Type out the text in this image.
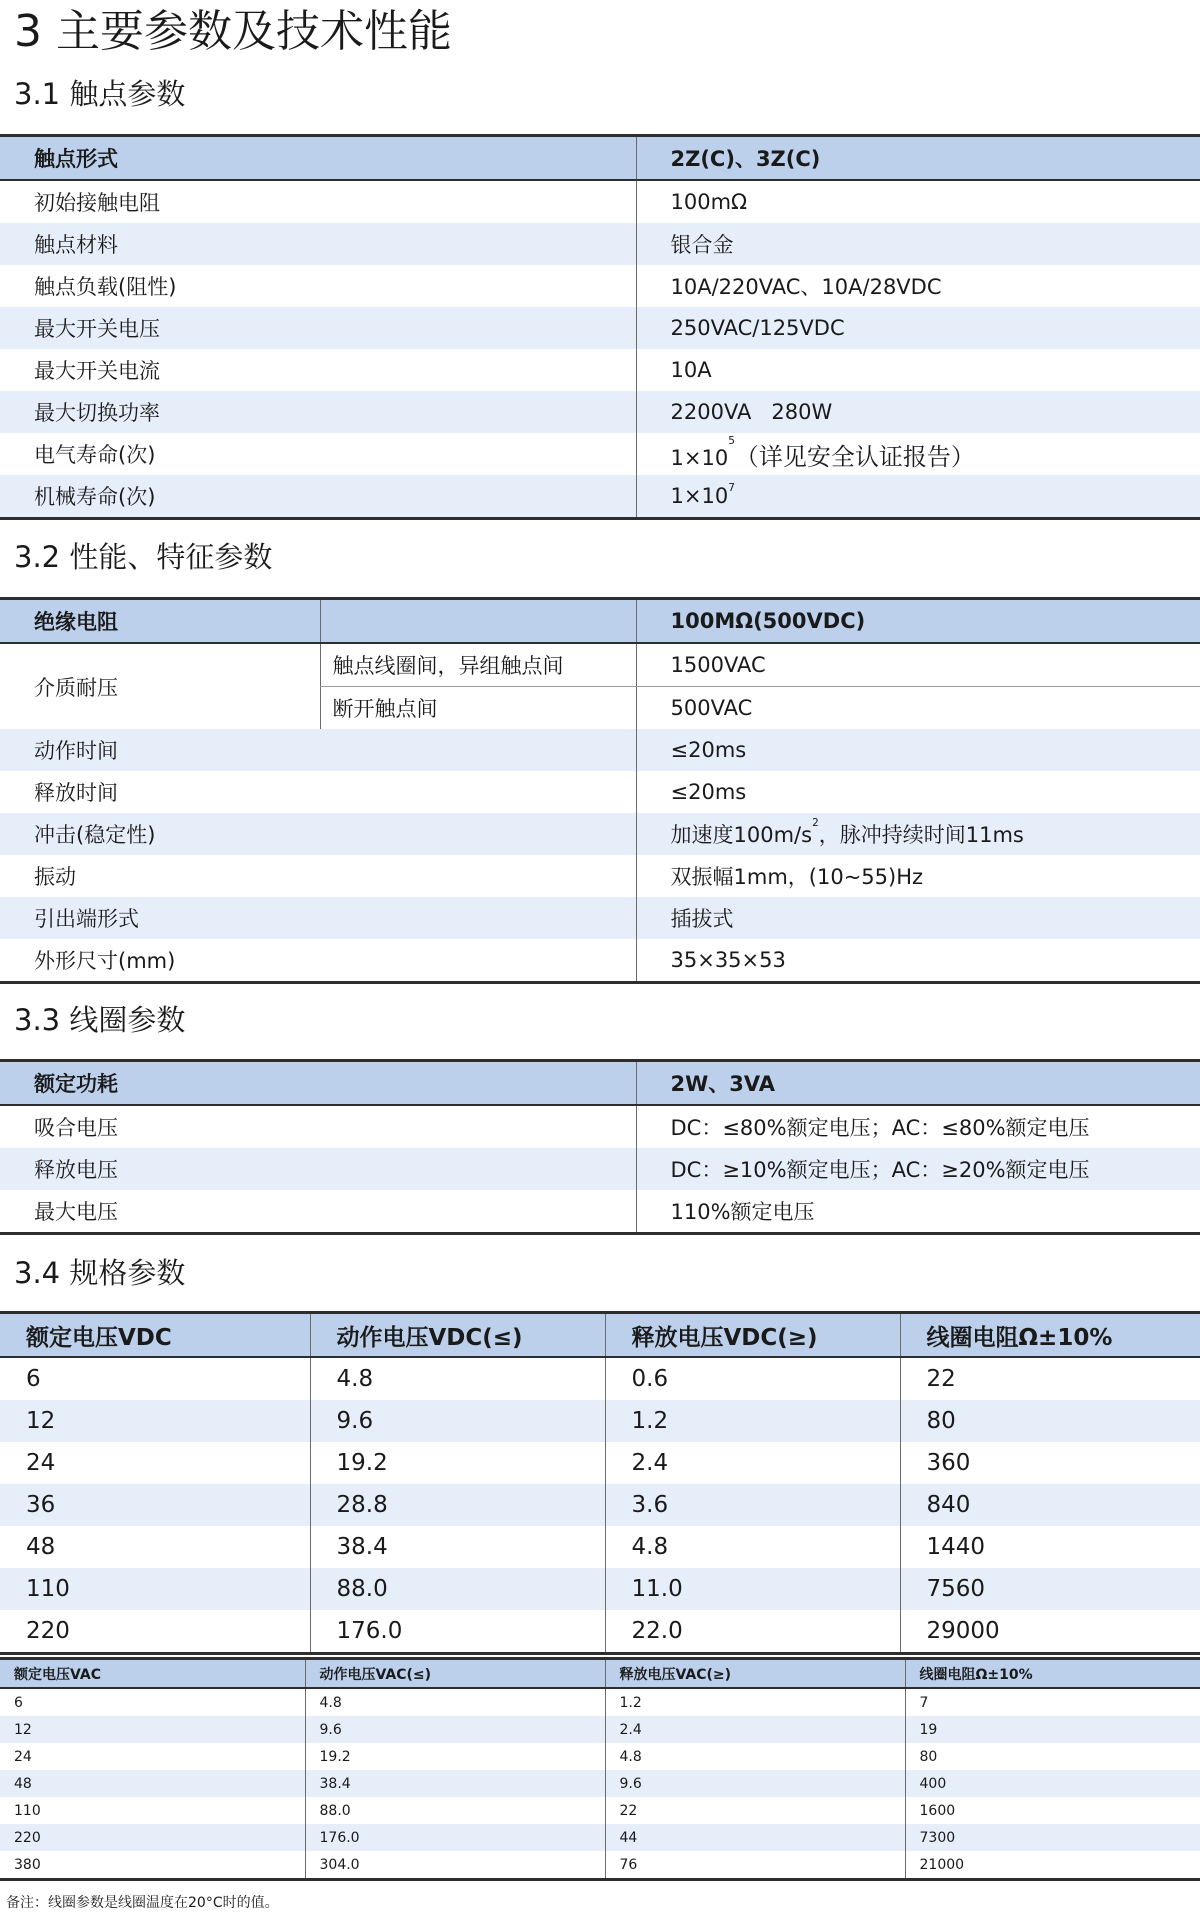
3 主要参数及技术性能
3.1 触点参数
触点形式	2Z(C)、3Z(C)
初始接触电阻	100mΩ
触点材料	银合金
触点负载(阻性)	10A/220VAC、10A/28VDC
最大开关电压	250VAC/125VDC
最大开关电流	10A
最大切换功率	2200VA   280W
电气寿命(次)	$1\times 10^5$（详见安全认证报告）
机械寿命(次)	$1\times 10^7$
3.2 性能、特征参数
绝缘电阻		100MΩ(500VDC)
介质耐压	触点线圈间，异组触点间	1500VAC
	断开触点间	500VAC
动作时间		≤20ms
释放时间		≤20ms
冲击(稳定性)		加速度$100m/s^2$，脉冲持续时间11ms
振动		双振幅1mm，(10~55)Hz
引出端形式		插拔式
外形尺寸(mm)		35×35×53
3.3 线圈参数
额定功耗	2W、3VA
吸合电压	DC：≤80%额定电压；AC：≤80%额定电压
释放电压	DC：≥10%额定电压；AC：≥20%额定电压
最大电压	110%额定电压
3.4 规格参数
额定电压VDC	动作电压VDC(≤)	释放电压VDC(≥)	线圈电阻Ω±10%
6	4.8	0.6	22
12	9.6	1.2	80
24	19.2	2.4	360
36	28.8	3.6	840
48	38.4	4.8	1440
110	88.0	11.0	7560
220	176.0	22.0	29000
额定电压VAC	动作电压VAC(≤)	释放电压VAC(≥)	线圈电阻Ω±10%
6	4.8	1.2	7
12	9.6	2.4	19
24	19.2	4.8	80
48	38.4	9.6	400
110	88.0	22	1600
220	176.0	44	7300
380	304.0	76	21000
备注：线圈参数是线圈温度在20°C时的值。
